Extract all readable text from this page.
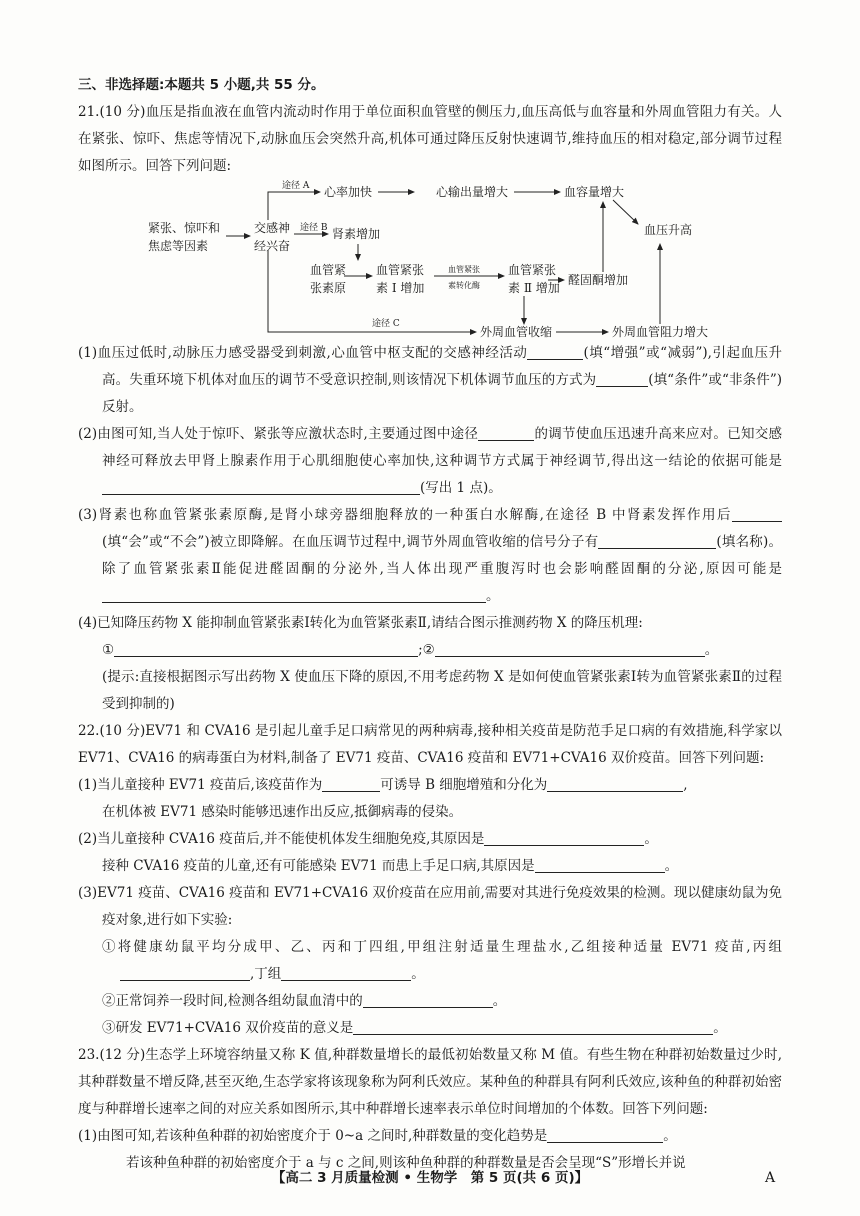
三、非选择题:本题共 5 小题,共 55 分。

21.(10 分)血压是指血液在血管内流动时作用于单位面积血管壁的侧压力,血压高低与血容量和外周血管阻力有关。人在紧张、惊吓、焦虑等情况下,动脉血压会突然升高,机体可通过降压反射快速调节,维持血压的相对稳定,部分调节过程如图所示。回答下列问题:

途径 A 心率加快	心输出量增大	血容量增大
紧张、惊吓和
焦虑等因素
交感神
经兴奋
途径 B 肾素增加	血压升高
血管紧
张素原
血管紧张
素 Ⅰ 增加
血管紧张
素转化酶
血管紧张
素 Ⅱ 增加
醛固酮增加
途径 C
外周血管收缩	外周血管阻力增大

(1)血压过低时,动脉压力感受器受到刺激,心血管中枢支配的交感神经活动	(填“增强”或“减弱”),引起血压升高。失重环境下机体对血压的调节不受意识控制,则该情况下机体调节血压的方式为	(填“条件”或“非条件”)反射。

(2)由图可知,当人处于惊吓、紧张等应激状态时,主要通过图中途径	的调节使血压迅速升高来应对。已知交感神经可释放去甲肾上腺素作用于心肌细胞使心率加快,这种调节方式属于神经调节,得出这一结论的依据可能是(写出 1 点)。

(3)肾素也称血管紧张素原酶,是肾小球旁器细胞释放的一种蛋白水解酶,在途径 B 中肾素发挥作用后(填“会”或“不会”)被立即降解。在血压调节过程中,调节外周血管收缩的信号分子有	(填名称)。除了血管紧张素Ⅱ能促进醛固酮的分泌外,当人体出现严重腹泻时也会影响醛固酮的分泌,原因可能是。

(4)已知降压药物 X 能抑制血管紧张素Ⅰ转化为血管紧张素Ⅱ,请结合图示推测药物 X 的降压机理:

①	;②	。

(提示:直接根据图示写出药物 X 使血压下降的原因,不用考虑药物 X 是如何使血管紧张素Ⅰ转为血管紧张素Ⅱ的过程受到抑制的)

22.(10 分)EV71 和 CVA16 是引起儿童手足口病常见的两种病毒,接种相关疫苗是防范手足口病的有效措施,科学家以 EV71、CVA16 的病毒蛋白为材料,制备了 EV71 疫苗、CVA16 疫苗和 EV71+CVA16 双价疫苗。回答下列问题:

(1)当儿童接种 EV71 疫苗后,该疫苗作为	可诱导 B 细胞增殖和分化为	,

在机体被 EV71 感染时能够迅速作出反应,抵御病毒的侵染。

(2)当儿童接种 CVA16 疫苗后,并不能使机体发生细胞免疫,其原因是	。

接种 CVA16 疫苗的儿童,还有可能感染 EV71 而患上手足口病,其原因是	。

(3)EV71 疫苗、CVA16 疫苗和 EV71+CVA16 双价疫苗在应用前,需要对其进行免疫效果的检测。现以健康幼鼠为免疫对象,进行如下实验:

①将健康幼鼠平均分成甲、乙、丙和丁四组,甲组注射适量生理盐水,乙组接种适量 EV71 疫苗,丙组,丁组	。

②正常饲养一段时间,检测各组幼鼠血清中的	。

③研发 EV71+CVA16 双价疫苗的意义是	。

23.(12 分)生态学上环境容纳量又称 K 值,种群数量增长的最低初始数量又称 M 值。有些生物在种群初始数量过少时,其种群数量不增反降,甚至灭绝,生态学家将该现象称为阿利氏效应。某种鱼的种群具有阿利氏效应,该种鱼的种群初始密度与种群增长速率之间的对应关系如图所示,其中种群增长速率表示单位时间增加的个体数。回答下列问题:

(1)由图可知,若该种鱼种群的初始密度介于 0~a 之间时,种群数量的变化趋势是	。

若该种鱼种群的初始密度介于 a 与 c 之间,则该种鱼种群的种群数量是否会呈现“S”形增长并说

【高二 3 月质量检测 • 生物学　第 5 页(共 6 页)】	A
